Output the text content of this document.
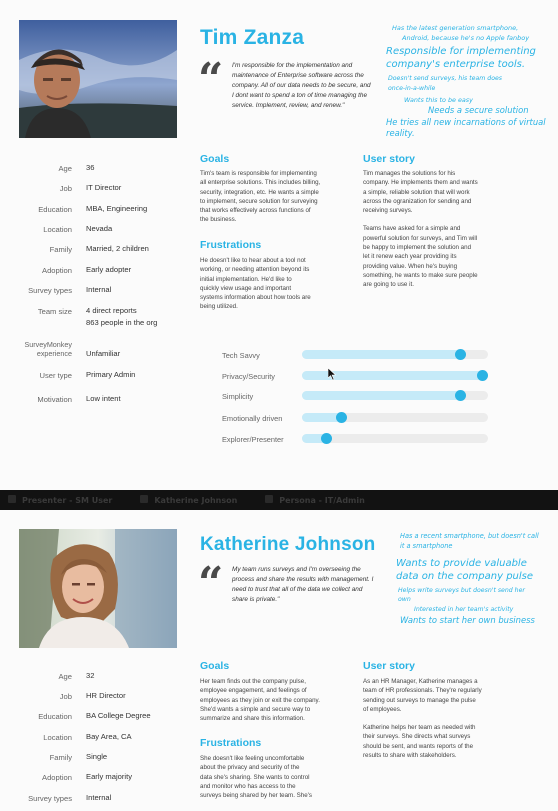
Tim Zanza
“ I'm responsible for the implementation and maintenance of Enterprise software across the company. All of our data needs to be secure, and I dont want to spend a ton of time managing the service. Implement, review, and renew."
Has the latest generation smartphone,
Android, because he's no Apple fanboy
Responsible for implementing
company's enterprise tools.
Doesn't send surveys, his team does
once-in-a-while
Wants this to be easy
Needs a secure solution
He tries all new incarnations of virtual
reality.
Age 36
Job IT Director
Education MBA, Engineering
Location Nevada
Family Married, 2 children
Adoption Early adopter
Survey types Internal
Team size 4 direct reports
863 people in the org
SurveyMonkey
experience Unfamiliar
User type Primary Admin
Motivation Low intent
Goals
Tim's team is responsible for implementing
all enterprise solutions. This includes billing,
security, integration, etc. He wants a simple
to implement, secure solution for surveying
that works effectively across functions of
the business.
Frustrations
He doesn't like to hear about a tool not
working, or needing attention beyond its
initial implementation. He'd like to
quickly view usage and important
systems information about how tools are
being utilized.
User story
Tim manages the solutions for his
company. He implements them and wants
a simple, reliable solution that will work
across the ogranization for sending and
receiving surveys.
Teams have asked for a simple and
powerful solution for surveys, and Tim will
be happy to implement the solution and
let it renew each year providing its
providing value. When he's buying
something, he wants to make sure people
are going to use it.
Tech Savvy
Privacy/Security
Simplicity
Emotionally driven
Explorer/Presenter
Presenter - SM User	Katherine Johnson	Persona - IT/Admin
Katherine Johnson
“ My team runs surveys and I'm overseeing the process and share the results with management. I need to trust that all of the data we collect and share is private."
Has a recent smartphone, but doesn't call
it a smartphone
Wants to provide valuable
data on the company pulse
Helps write surveys but doesn't send her
own
Interested in her team's activity
Wants to start her own business
Age 32
Job HR Director
Education BA College Degree
Location Bay Area, CA
Family Single
Adoption Early majority
Survey types Internal
Goals
Her team finds out the company pulse,
employee engagement, and feelings of
employees as they join or exit the company.
She'd wants a simple and secure way to
summarize and share this information.
Frustrations
She doesn't like feeling uncomfortable
about the privacy and security of the
data she's sharing. She wants to control
and monitor who has access to the
surveys being shared by her team. She's
User story
As an HR Manager, Katherine manages a
team of HR professionals. They're regularly
sending out surveys to manage the pulse
of employees.
Katherine helps her team as needed with
their surveys. She directs what surveys
should be sent, and wants reports of the
results to share with stakeholders.
